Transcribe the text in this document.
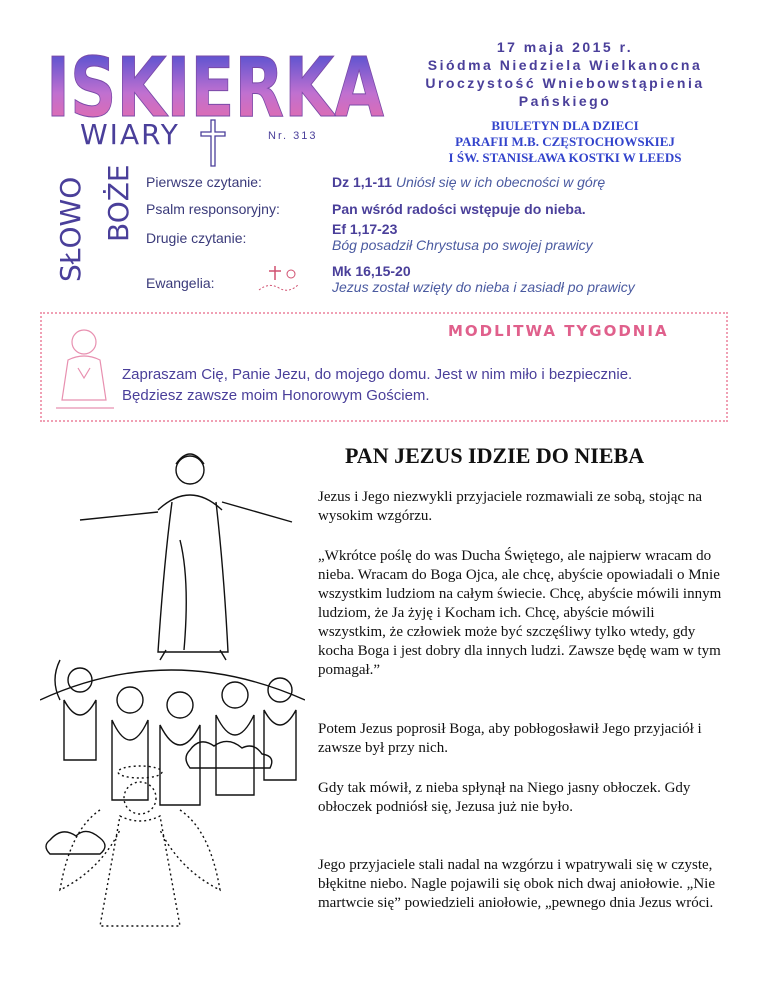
ISKIERKA
WIARY	Nr. 313
SŁOWO BOŻE
17 maja 2015 r.
Siódma Niedziela Wielkanocna
Uroczystość Wniebowstąpienia
Pańskiego
BIULETYN DLA DZIECI
PARAFII M.B. CZĘSTOCHOWSKIEJ
I ŚW. STANISŁAWA KOSTKI W LEEDS
Pierwsze czytanie:	Dz 1,1-11 Uniósł się w ich obecności w górę
Psalm responsoryjny:	Pan wśród radości wstępuje do nieba.
Drugie czytanie:
Ef 1,17-23
Bóg posadził Chrystusa po swojej prawicy
Ewangelia:
Mk 16,15-20
Jezus został wzięty do nieba i zasiadł po prawicy
MODLITWA TYGODNIA
Zapraszam Cię, Panie Jezu, do mojego domu. Jest w nim miło i bezpiecznie. Będziesz zawsze moim Honorowym Gościem.
PAN JEZUS IDZIE DO NIEBA
Jezus i Jego niezwykli przyjaciele rozmawiali ze sobą, stojąc na wysokim wzgórzu.
„Wkrótce poślę do was Ducha Świętego, ale najpierw wracam do nieba. Wracam do Boga Ojca, ale chcę, abyście opowiadali o Mnie wszystkim ludziom na całym świecie. Chcę, abyście mówili innym ludziom, że Ja żyję i Kocham ich. Chcę, abyście mówili wszystkim, że człowiek może być szczęśliwy tylko wtedy, gdy kocha Boga i jest dobry dla innych ludzi. Zawsze będę wam w tym pomagał.”
Potem Jezus poprosił Boga, aby pobłogosławił Jego przyjaciół i zawsze był przy nich.
Gdy tak mówił, z nieba spłynął na Niego jasny obłoczek. Gdy obłoczek podniósł się, Jezusa już nie było.
Jego przyjaciele stali nadal na wzgórzu i wpatrywali się w czyste, błękitne niebo. Nagle pojawili się obok nich dwaj aniołowie. „Nie martwcie się” powiedzieli aniołowie, „pewnego dnia Jezus wróci.
